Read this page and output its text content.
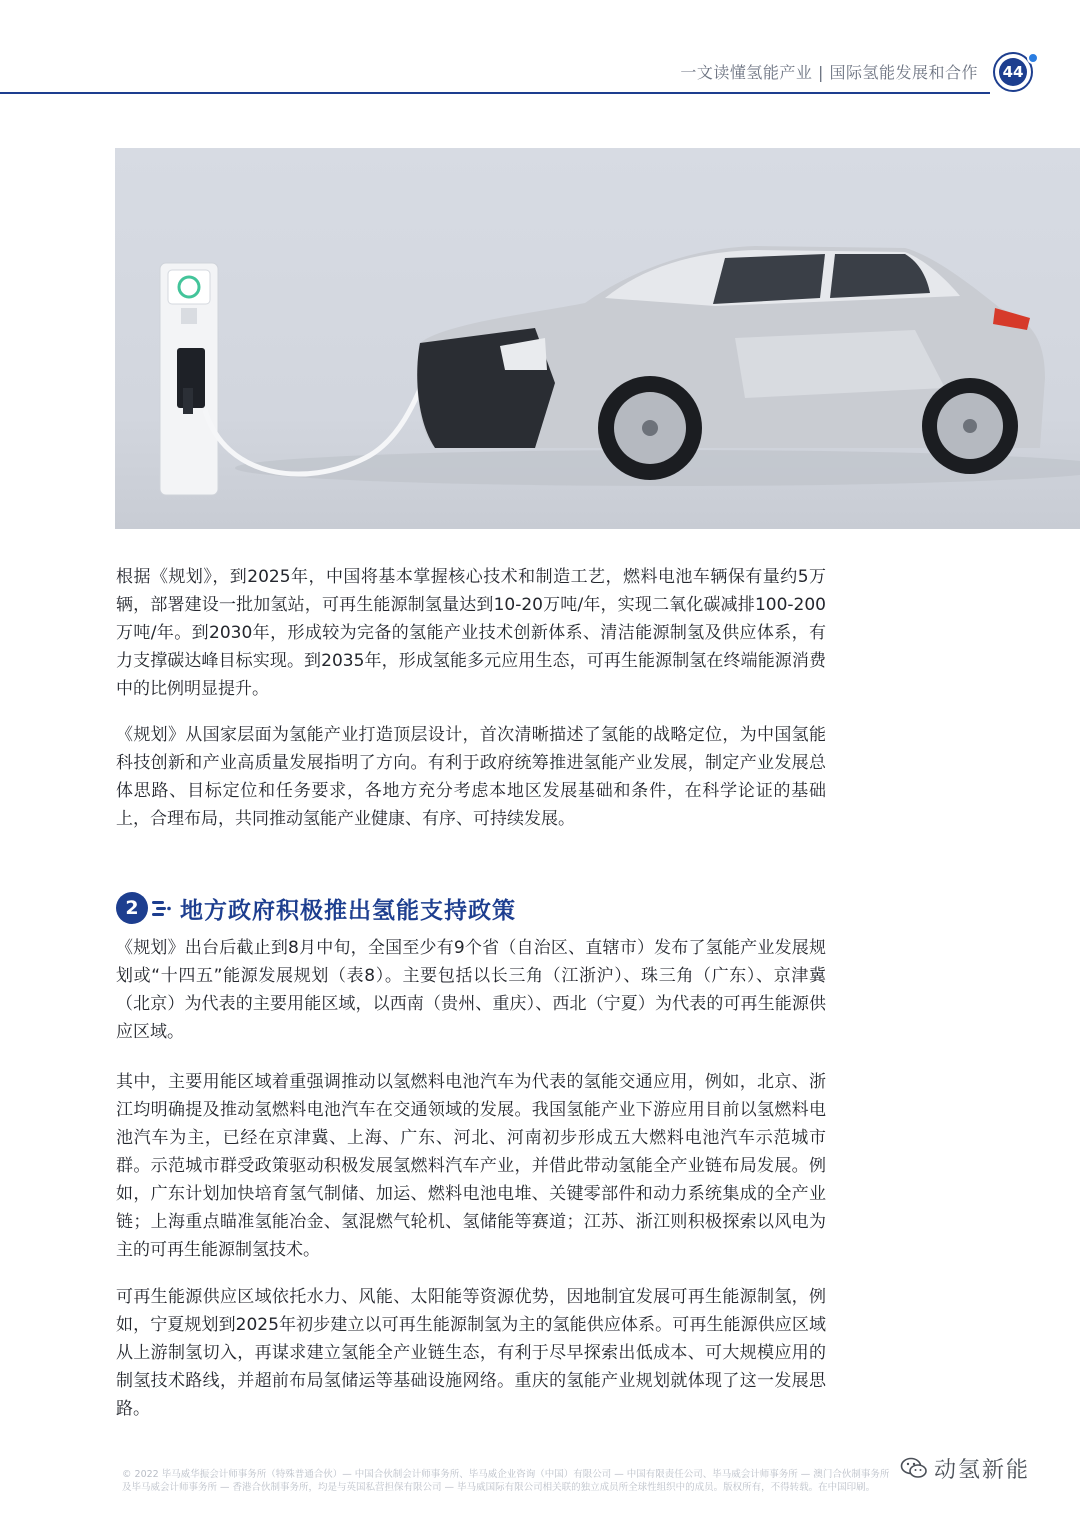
一文读懂氢能产业 | 国际氢能发展和合作 44

根据《规划》，到2025年，中国将基本掌握核心技术和制造工艺，燃料电池车辆保有量约5万辆，部署建设一批加氢站，可再生能源制氢量达到10-20万吨/年，实现二氧化碳减排100-200万吨/年。到2030年，形成较为完备的氢能产业技术创新体系、清洁能源制氢及供应体系，有力支撑碳达峰目标实现。到2035年，形成氢能多元应用生态，可再生能源制氢在终端能源消费中的比例明显提升。

《规划》从国家层面为氢能产业打造顶层设计，首次清晰描述了氢能的战略定位，为中国氢能科技创新和产业高质量发展指明了方向。有利于政府统筹推进氢能产业发展，制定产业发展总体思路、目标定位和任务要求，各地方充分考虑本地区发展基础和条件，在科学论证的基础上，合理布局，共同推动氢能产业健康、有序、可持续发展。

2	地方政府积极推出氢能支持政策

《规划》出台后截止到8月中旬，全国至少有9个省（自治区、直辖市）发布了氢能产业发展规划或“十四五”能源发展规划（表8）。主要包括以长三角（江浙沪）、珠三角（广东）、京津冀（北京）为代表的主要用能区域，以西南（贵州、重庆）、西北（宁夏）为代表的可再生能源供应区域。

其中，主要用能区域着重强调推动以氢燃料电池汽车为代表的氢能交通应用，例如，北京、浙江均明确提及推动氢燃料电池汽车在交通领域的发展。我国氢能产业下游应用目前以氢燃料电池汽车为主，已经在京津冀、上海、广东、河北、河南初步形成五大燃料电池汽车示范城市群。示范城市群受政策驱动积极发展氢燃料汽车产业，并借此带动氢能全产业链布局发展。例如，广东计划加快培育氢气制储、加运、燃料电池电堆、关键零部件和动力系统集成的全产业链；上海重点瞄准氢能冶金、氢混燃气轮机、氢储能等赛道；江苏、浙江则积极探索以风电为主的可再生能源制氢技术。

可再生能源供应区域依托水力、风能、太阳能等资源优势，因地制宜发展可再生能源制氢，例如，宁夏规划到2025年初步建立以可再生能源制氢为主的氢能供应体系。可再生能源供应区域从上游制氢切入，再谋求建立氢能全产业链生态，有利于尽早探索出低成本、可大规模应用的制氢技术路线，并超前布局氢储运等基础设施网络。重庆的氢能产业规划就体现了这一发展思路。

© 2022 毕马威华振会计师事务所（特殊普通合伙）— 中国合伙制会计师事务所、毕马威企业咨询（中国）有限公司 — 中国有限责任公司、毕马威会计师事务所 — 澳门合伙制事务所
及毕马威会计师事务所 — 香港合伙制事务所，均是与英国私营担保有限公司 — 毕马威国际有限公司相关联的独立成员所全球性组织中的成员。版权所有，不得转载。在中国印刷。

动氢新能
